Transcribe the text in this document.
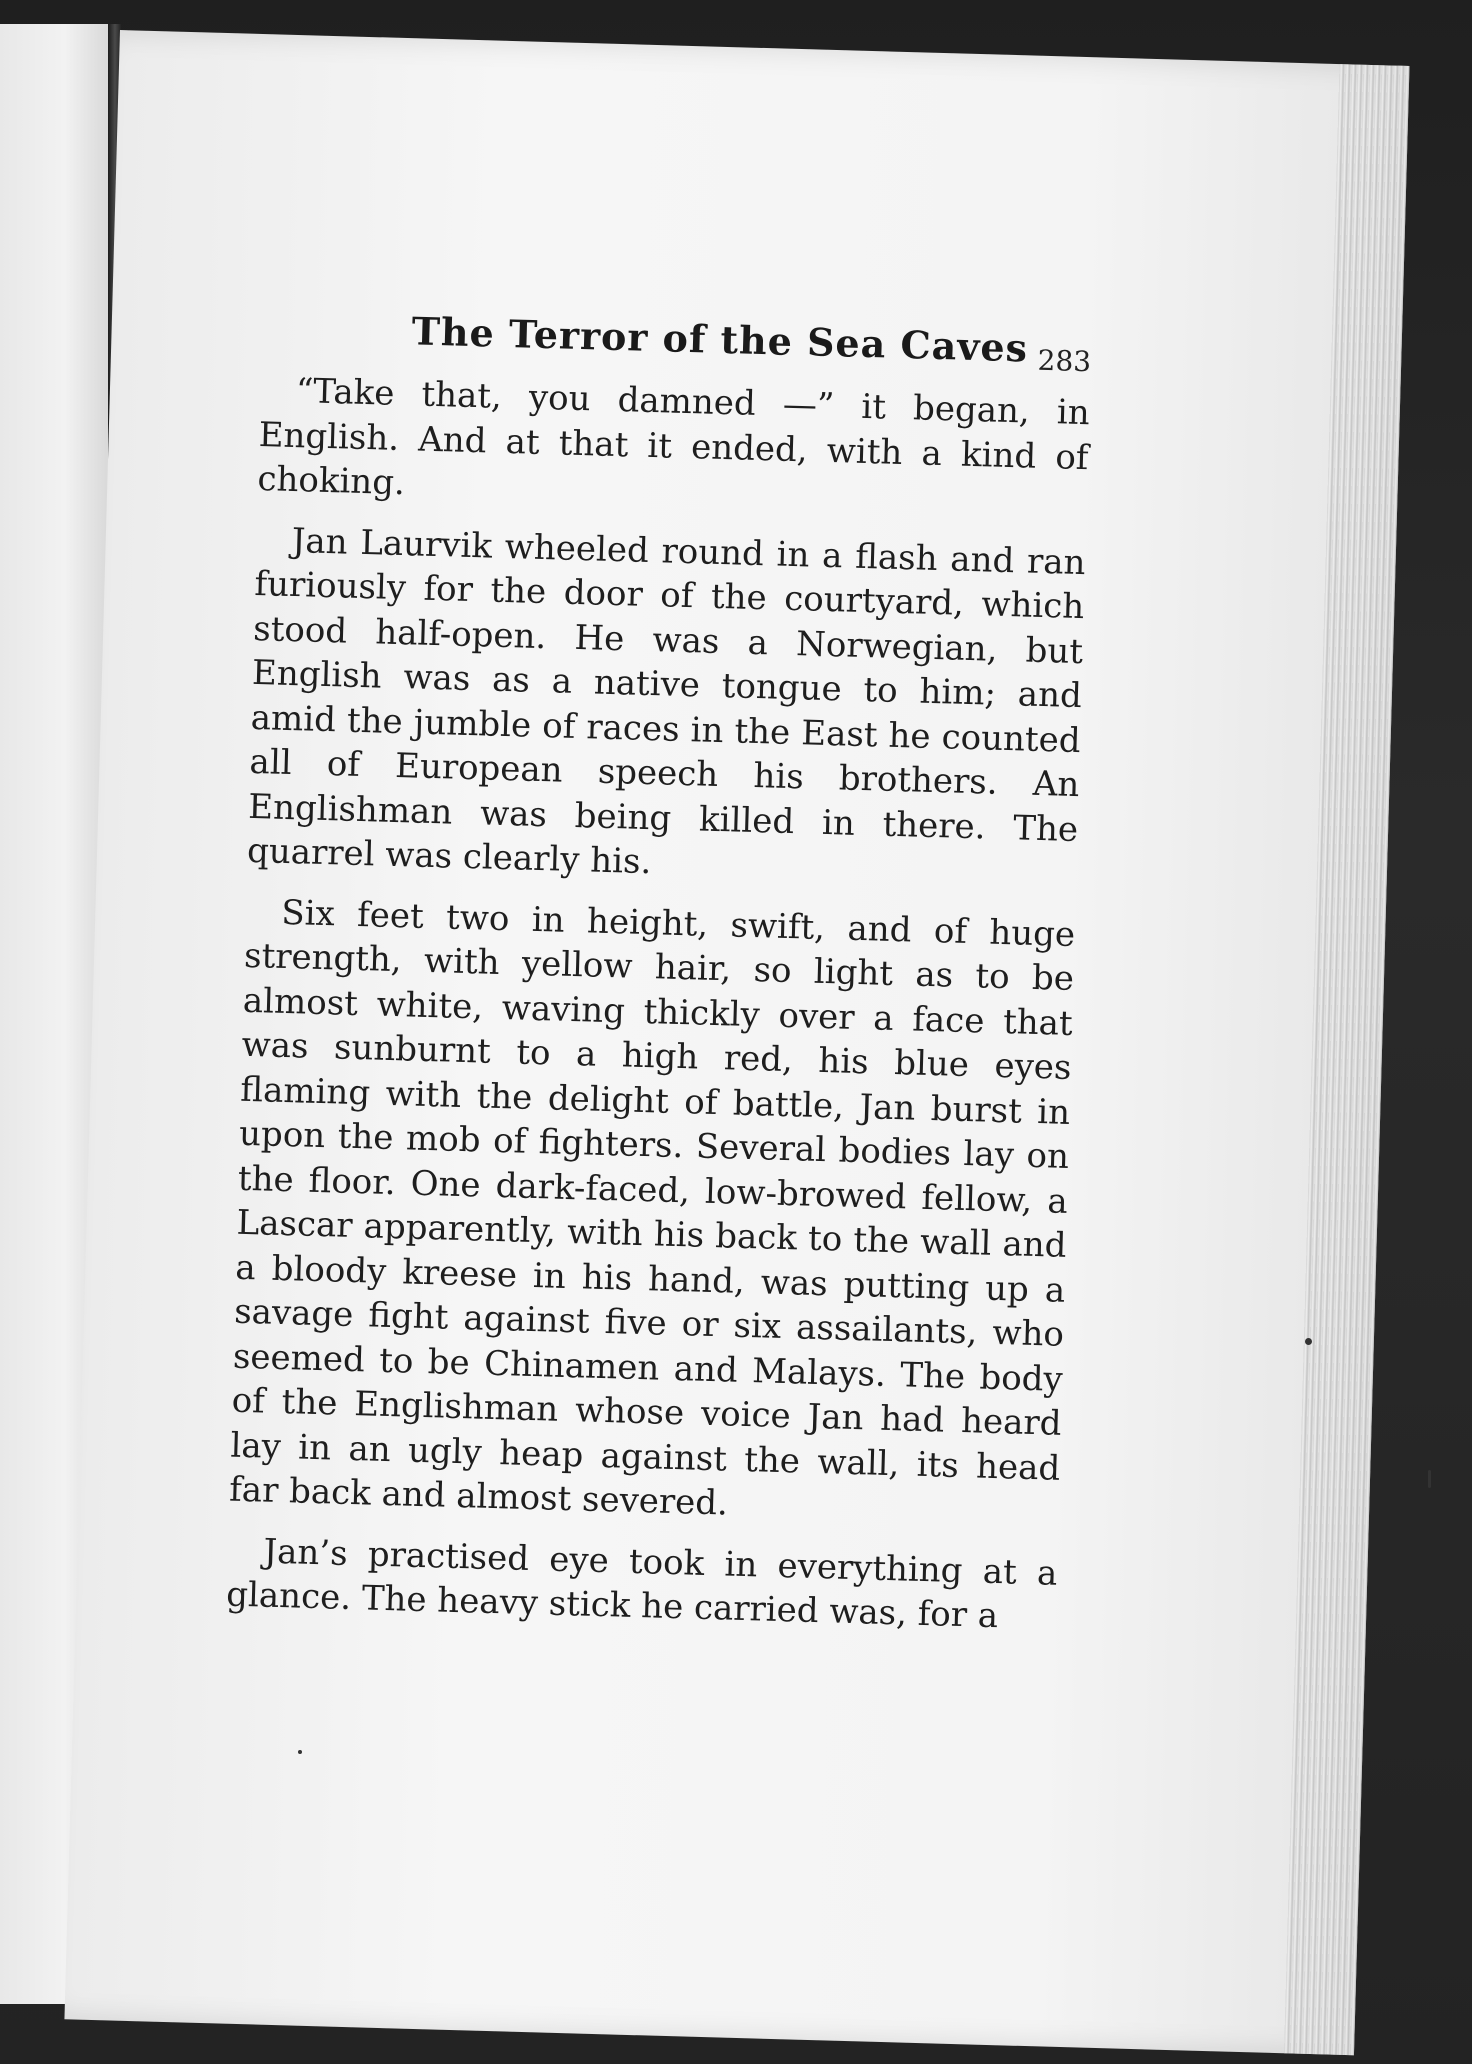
The Terror of the Sea Caves 283

“Take that, you damned —” it began, in English. And at that it ended, with a kind of choking.

Jan Laurvik wheeled round in a flash and ran furiously for the door of the courtyard, which stood half-open. He was a Norwegian, but English was as a native tongue to him; and amid the jumble of races in the East he counted all of European speech his brothers. An Englishman was being killed in there. The quarrel was clearly his.

Six feet two in height, swift, and of huge strength, with yellow hair, so light as to be almost white, waving thickly over a face that was sunburnt to a high red, his blue eyes flaming with the delight of battle, Jan burst in upon the mob of fighters. Several bodies lay on the floor. One dark-faced, low-browed fellow, a Lascar apparently, with his back to the wall and a bloody kreese in his hand, was putting up a savage fight against five or six assailants, who seemed to be Chinamen and Malays. The body of the Englishman whose voice Jan had heard lay in an ugly heap against the wall, its head far back and almost severed.

Jan’s practised eye took in everything at a glance. The heavy stick he carried was, for a
